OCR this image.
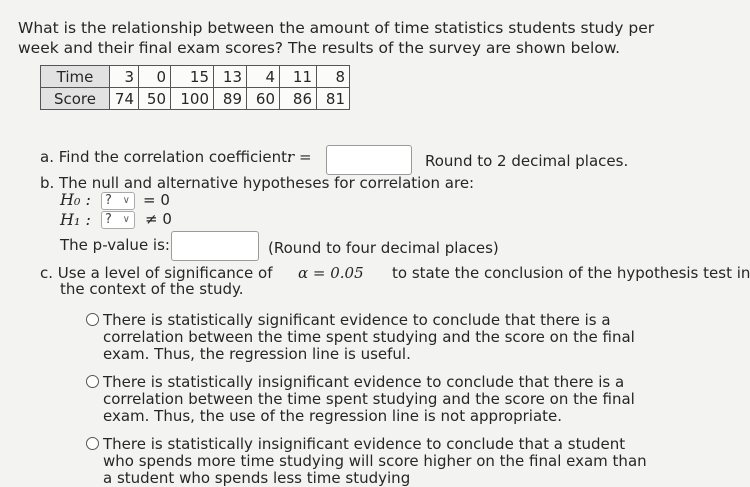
What is the relationship between the amount of time statistics students study per week and their final exam scores? The results of the survey are shown below.
Time	3	0	15	13	4	11	8
Score	74	50	100	89	60	86	81
a. Find the correlation coefficient:
r =	Round to 2 decimal places.
b. The null and alternative hypotheses for correlation are:
H₀ :	? ∨ = 0
H₁ :	? ∨ ≠ 0
The p-value is:	(Round to four decimal places)
c. Use a level of significance of α = 0.05 to state the conclusion of the hypothesis test in
the context of the study.
There is statistically significant evidence to conclude that there is a correlation between the time spent studying and the score on the final exam. Thus, the regression line is useful.
There is statistically insignificant evidence to conclude that there is a correlation between the time spent studying and the score on the final exam. Thus, the use of the regression line is not appropriate.
There is statistically insignificant evidence to conclude that a student who spends more time studying will score higher on the final exam than a student who spends less time studying
